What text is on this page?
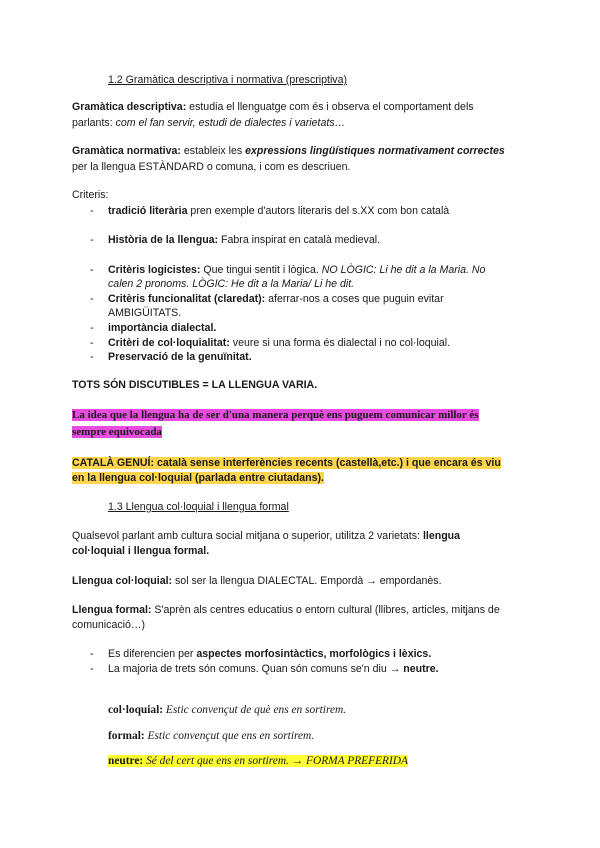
1.2 Gramàtica descriptiva i normativa (prescriptiva)
Gramàtica descriptiva: estudia el llenguatge com és i observa el comportament dels
parlants: com el fan servir, estudi de dialectes i varietats…
Gramàtica normativa: estableix les expressions lingüístiques normativament correctes
per la llengua ESTÀNDARD o comuna, i com es descriuen.
Criteris:
- tradició literària pren exemple d'autors literaris del s.XX com bon català
- Història de la llengua: Fabra inspirat en català medieval.
- Critèris logicistes: Que tingui sentit i lògica. NO LÒGIC: Li he dit a la Maria. No
calen 2 pronoms. LÒGIC: He dit a la Maria/ Li he dit.
- Critèris funcionalitat (claredat): aferrar-nos a coses que puguin evitar
AMBIGÜITATS.
- importància dialectal.
- Critèri de col·loquialitat: veure si una forma és dialectal i no col·loquial.
- Preservació de la genuïnitat.
TOTS SÓN DISCUTIBLES = LA LLENGUA VARIA.
La idea que la llengua ha de ser d'una manera perquè ens puguem comunicar millor és
sempre equivocada
CATALÀ GENUÍ: català sense interferències recents (castellà,etc.) i que encara és viu
en la llengua col·loquial (parlada entre ciutadans).
1.3 Llengua col·loquial i llengua formal
Qualsevol parlant amb cultura social mitjana o superior, utilitza 2 varietats: llengua
col·loquial i llengua formal.
Llengua col·loquial: sol ser la llengua DIALECTAL. Empordà → empordanès.
Llengua formal: S'aprèn als centres educatius o entorn cultural (llibres, articles, mitjans de
comunicació…)
- Es diferencien per aspectes morfosintàctics, morfològics i lèxics.
- La majoria de trets són comuns. Quan són comuns se'n diu → neutre.
col·loquial: Estic convençut de què ens en sortirem.
formal: Estic convençut que ens en sortirem.
neutre: Sé del cert que ens en sortirem. → FORMA PREFERIDA
